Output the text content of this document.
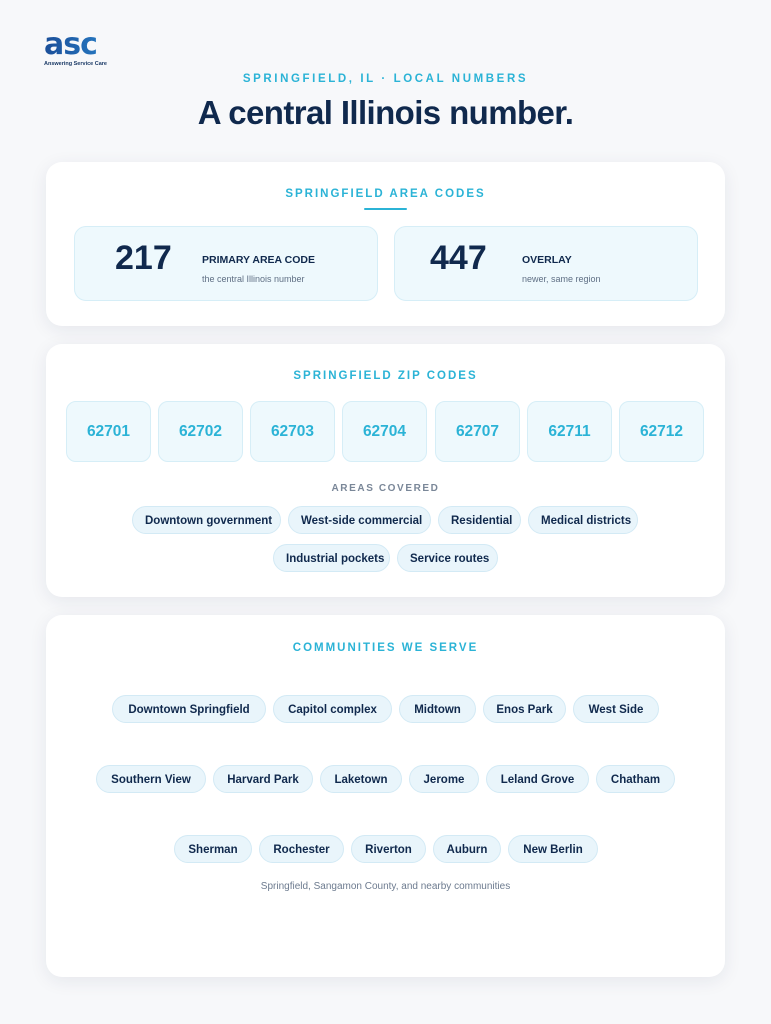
asc
Answering Service Care
SPRINGFIELD, IL · LOCAL NUMBERS
A central Illinois number.
SPRINGFIELD AREA CODES
217	PRIMARY AREA CODE
the central Illinois number
447	OVERLAY
newer, same region
SPRINGFIELD ZIP CODES
62701	62702	62703	62704	62707	62711	62712
AREAS COVERED
Downtown government	West-side commercial	Residential	Medical districts
Industrial pockets	Service routes
COMMUNITIES WE SERVE
Downtown Springfield	Capitol complex	Midtown	Enos Park	West Side
Southern View	Harvard Park	Laketown	Jerome	Leland Grove	Chatham
Sherman	Rochester	Riverton	Auburn	New Berlin
Springfield, Sangamon County, and nearby communities
